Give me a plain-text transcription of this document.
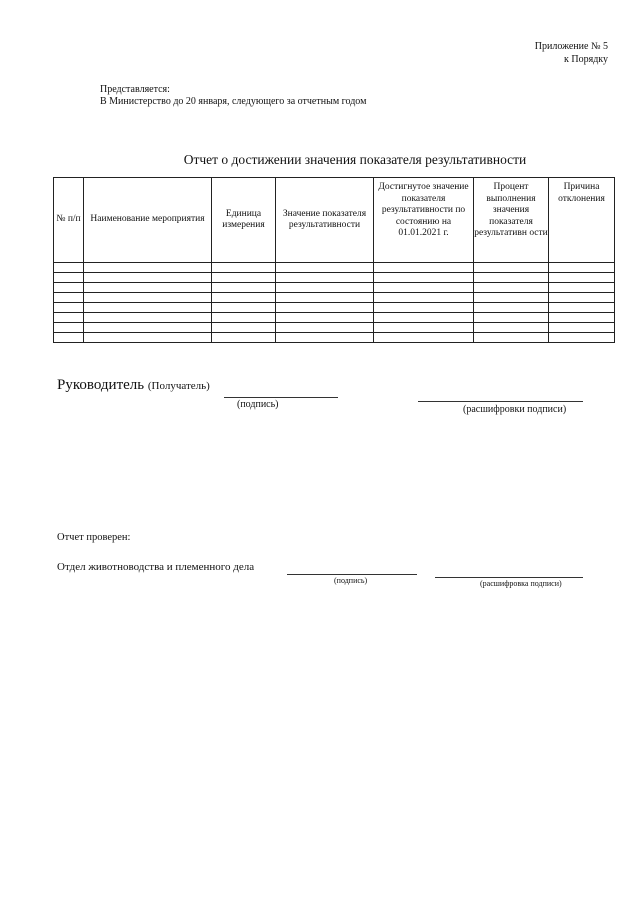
Приложение № 5
к Порядку
Представляется:
В Министерство до 20 января, следующего за отчетным годом
Отчет о достижении значения показателя результативности
№ п/п	Наименование мероприятия	Единица измерения	Значение показателя результативности	Достигнутое значение показателя результативности по состоянию на 01.01.2021 г.	Процент выполнения значения показателя результативн ости	Причина отклонения

Руководитель (Получатель)
(подпись)	(расшифровки подписи)
Отчет проверен:
Отдел животноводства и племенного дела
(подпись)	(расшифровка подписи)
